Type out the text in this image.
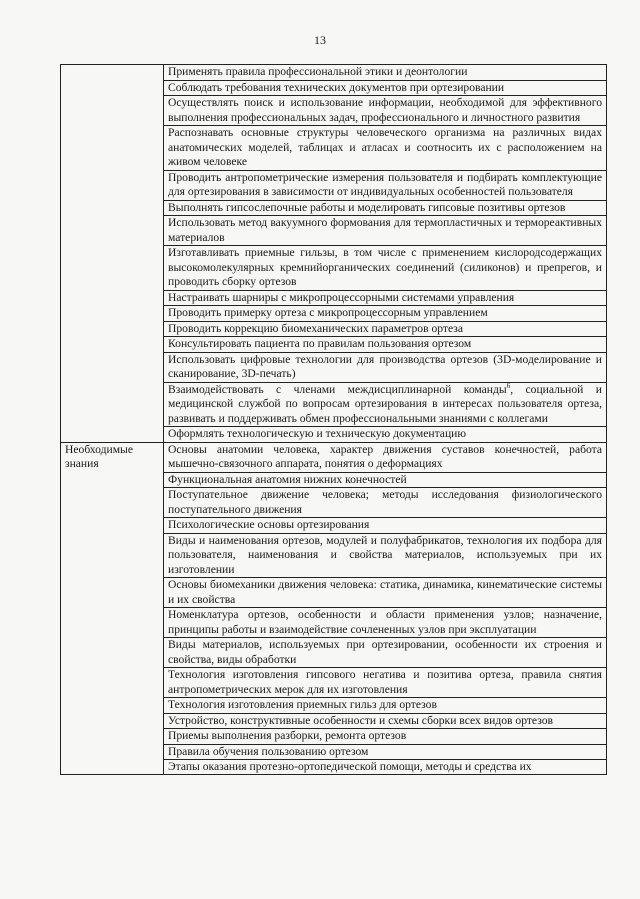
13
	Применять правила профессиональной этики и деонтологии
	Соблюдать требования технических документов при ортезировании
	Осуществлять поиск и использование информации, необходимой для эффективного выполнения профессиональных задач, профессионального и личностного развития
	Распознавать основные структуры человеческого организма на различных видах анатомических моделей, таблицах и атласах и соотносить их с расположением на живом человеке
	Проводить антропометрические измерения пользователя и подбирать комплектующие для ортезирования в зависимости от индивидуальных особенностей пользователя
	Выполнять гипсослепочные работы и моделировать гипсовые позитивы ортезов
	Использовать метод вакуумного формования для термопластичных и термореактивных материалов
	Изготавливать приемные гильзы, в том числе с применением кислородсодержащих высокомолекулярных кремнийорганических соединений (силиконов) и препрегов, и проводить сборку ортезов
	Настраивать шарниры с микропроцессорными системами управления
	Проводить примерку ортеза с микропроцессорным управлением
	Проводить коррекцию биомеханических параметров ортеза
	Консультировать пациента по правилам пользования ортезом
	Использовать цифровые технологии для производства ортезов (3D-моделирование и сканирование, 3D-печать)
	Взаимодействовать с членами междисциплинарной команды$^6$, социальной и медицинской службой по вопросам ортезирования в интересах пользователя ортеза, развивать и поддерживать обмен профессиональными знаниями с коллегами
	Оформлять технологическую и техническую документацию
Необходимые знания	Основы анатомии человека, характер движения суставов конечностей, работа мышечно-связочного аппарата, понятия о деформациях
	Функциональная анатомия нижних конечностей
	Поступательное движение человека; методы исследования физиологического поступательного движения
	Психологические основы ортезирования
	Виды и наименования ортезов, модулей и полуфабрикатов, технология их подбора для пользователя, наименования и свойства материалов, используемых при их изготовлении
	Основы биомеханики движения человека: статика, динамика, кинематические системы и их свойства
	Номенклатура ортезов, особенности и области применения узлов; назначение, принципы работы и взаимодействие сочлененных узлов при эксплуатации
	Виды материалов, используемых при ортезировании, особенности их строения и свойства, виды обработки
	Технология изготовления гипсового негатива и позитива ортеза, правила снятия антропометрических мерок для их изготовления
	Технология изготовления приемных гильз для ортезов
	Устройство, конструктивные особенности и схемы сборки всех видов ортезов
	Приемы выполнения разборки, ремонта ортезов
	Правила обучения пользованию ортезом

	Этапы оказания протезно-ортопедической помощи, методы и средства их
